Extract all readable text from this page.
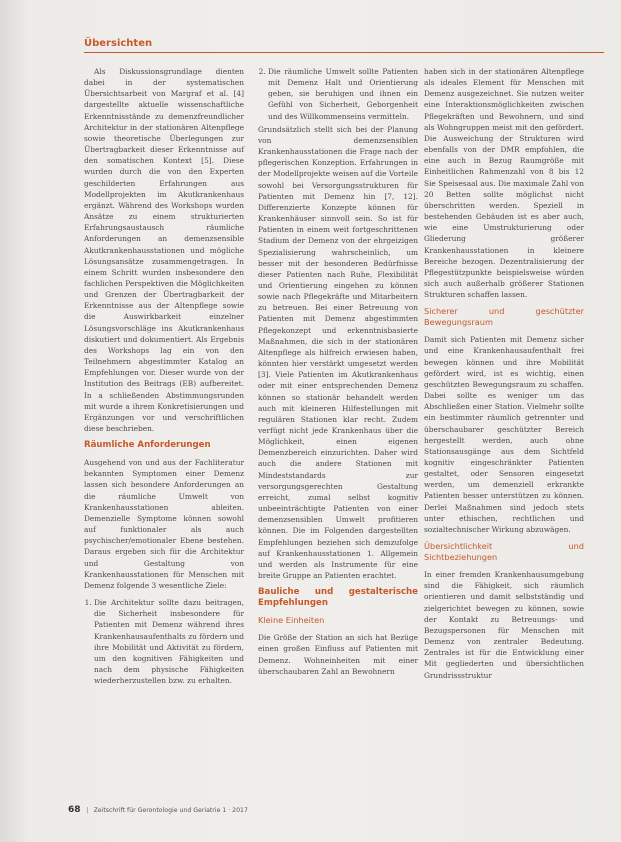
Übersichten

Als Diskussionsgrundlage dienten dabei in der systematischen Übersichtsarbeit von Margraf et al. [4] dargestellte aktuelle wissenschaftliche Erkenntnisstände zu demenzfreundlicher Architektur in der stationären Altenpflege sowie theoretische Überlegungen zur Übertragbarkeit dieser Erkenntnisse auf den somatischen Kontext [5]. Diese wurden durch die von den Experten geschilderten Erfahrungen aus Modellprojekten im Akutkrankenhaus ergänzt. Während des Workshops wurden Ansätze zu einem strukturierten Erfahrungsaustausch räumliche Anforderungen an demenzsensible Akutkrankenhausstationen und mögliche Lösungsansätze zusammengetragen. In einem Schritt wurden insbesondere den fachlichen Perspektiven die Möglichkeiten und Grenzen der Übertragbarkeit der Erkenntnisse aus der Altenpflege sowie die Auswirkbarkeit einzelner Lösungsvorschläge ins Akutkrankenhaus diskutiert und dokumentiert. Als Ergebnis des Workshops lag ein von den Teilnehmern abgestimmter Katalog an Empfehlungen vor. Dieser wurde von der Institution des Beitrags (EB) aufbereitet. In a schließenden Abstimmungsrunden mit wurde a ihrem Konkretisierungen und Ergänzungen vor und verschriftlichen diese beschrieben.

Räumliche Anforderungen

Ausgehend von und aus der Fachliteratur bekannten Symptomen einer Demenz lassen sich besondere Anforderungen an die räumliche Umwelt von Krankenhausstationen ableiten. Demenzielle Symptome können sowohl auf funktionaler als auch psychischer/emotionaler Ebene bestehen. Daraus ergeben sich für die Architektur und Gestaltung von Krankenhausstationen für Menschen mit Demenz folgende 3 wesentliche Ziele:

1. Die Architektur sollte dazu beitragen, die Sicherheit insbesondere für Patienten mit Demenz während ihres Krankenhausaufenthalts zu fördern und ihre Mobilität und Aktivität zu fördern, um den kognitiven Fähigkeiten und nach dem physische Fähigkeiten wiederherzustellen bzw. zu erhalten.
2. Die räumliche Umwelt sollte Patienten mit Demenz Halt und Orientierung geben, sie beruhigen und ihnen ein Gefühl von Sicherheit, Geborgenheit und des Willkommenseins vermitteln.

Grundsätzlich stellt sich bei der Planung von demenzsensiblen Krankenhausstationen die Frage nach der pflegerischen Konzeption. Erfahrungen in der Modellprojekte weisen auf die Vorteile sowohl bei Versorgungsstrukturen für Patienten mit Demenz hin [7, 12]. Differenzierte Konzepte können für Krankenhäuser sinnvoll sein. So ist für Patienten in einem weit fortgeschrittenen Stadium der Demenz von der ehrgeizigen Spezialisierung wahrscheinlich, um besser mit der besonderen Bedürfnisse dieser Patienten nach Ruhe, Flexibilität und Orientierung eingehen zu können sowie nach Pflegekräfte und Mitarbeitern zu betreuen. Bei einer Betreuung von Patienten mit Demenz abgestimmten Pflegekonzept und erkenntnisbasierte Maßnahmen, die sich in der stationären Altenpflege als hilfreich erwiesen haben, könnten hier verstärkt umgesetzt werden [3]. Viele Patienten im Akutkrankenhaus oder mit einer entsprechenden Demenz können so stationär behandelt werden auch mit kleineren Hilfestellungen mit regulären Stationen klar recht. Zudem verfügt nicht jede Krankenhaus über die Möglichkeit, einen eigenen Demenzbereich einzurichten. Daher wird auch die andere Stationen mit Mindeststandards zur versorgungsgerechten Gestaltung erreicht, zumal selbst kognitiv unbeeinträchtigte Patienten von einer demenzsensiblen Umwelt profitieren können. Die im Folgenden dargestellten Empfehlungen beziehen sich demzufolge auf Krankenhausstationen 1. Allgemein und werden als Instrumente für eine breite Gruppe an Patienten erachtet.

Bauliche und gestalterische Empfehlungen
Kleine Einheiten

Die Größe der Station an sich hat Bezüge einen großen Einfluss auf Patienten mit Demenz. Wohneinheiten mit einer überschaubaren Zahl an Bewohnern

haben sich in der stationären Altenpflege als ideales Element für Menschen mit Demenz ausgezeichnet. Sie nutzen weiter eine Interaktionsmöglichkeiten zwischen Pflegekräften und Bewohnern, und sind als Wohngruppen meist mit den gefördert. Die Ausweichung der Strukturen wird ebenfalls von der DMR empfohlen, die eine auch in Bezug Raumgröße mit Einheitlichen Rahmenzahl von 8 bis 12 Sie Speisesaal aus. Die maximale Zahl von 20 Betten sollte möglichst nicht überschritten werden. Speziell in bestehenden Gebäuden ist es aber auch, wie eine Umstrukturierung oder Gliederung größerer Krankenhausstationen in kleinere Bereiche bezogen. Dezentralisierung der Pflegestützpunkte beispielsweise würden sich auch außerhalb größerer Stationen Strukturen schaffen lassen.

Sicherer und geschützter Bewegungsraum

Damit sich Patienten mit Demenz sicher und eine Krankenhausaufenthalt frei bewegen können und ihre Mobilität gefördert wird, ist es wichtig, einen geschützten Bewegungsraum zu schaffen. Dabei sollte es weniger um das Abschließen einer Station. Vielmehr sollte ein bestimmter räumlich getrennter und überschaubarer geschützter Bereich hergestellt werden, auch ohne Stationsausgänge aus dem Sichtfeld kognitiv eingeschränkter Patienten gestaltet, oder Sensoren eingesetzt werden, um demenziell erkrankte Patienten besser unterstützen zu können. Derlei Maßnahmen sind jedoch stets unter ethischen, rechtlichen und sozialtechnischer Wirkung abzuwägen.

Übersichtlichkeit und Sichtbeziehungen

In einer fremden Krankenhausumgebung sind die Fähigkeit, sich räumlich orientieren und damit selbstständig und zielgerichtet bewegen zu können, sowie der Kontakt zu Betreuungs- und Bezugspersonen für Menschen mit Demenz von zentraler Bedeutung. Zentrales ist für die Entwicklung einer Mit gegliederten und übersichtlichen Grundrissstruktur

68 | Zeitschrift für Gerontologie und Geriatrie 1 · 2017
